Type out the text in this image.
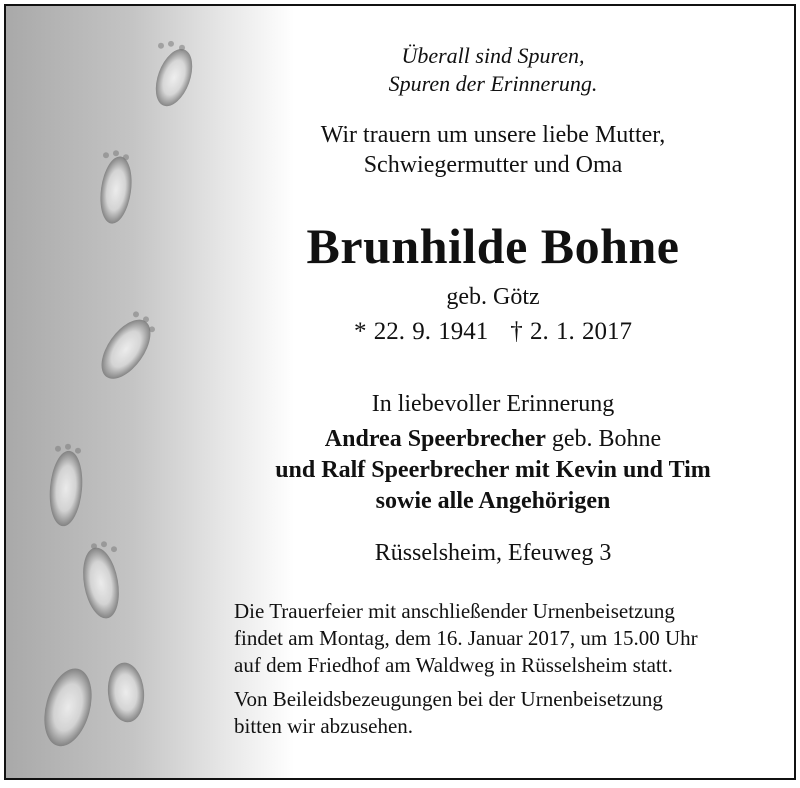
Überall sind Spuren,
Spuren der Erinnerung.
Wir trauern um unsere liebe Mutter,
Schwiegermutter und Oma
Brunhilde Bohne
geb. Götz
* 22. 9. 1941 † 2. 1. 2017
In liebevoller Erinnerung
Andrea Speerbrecher geb. Bohne
und Ralf Speerbrecher mit Kevin und Tim
sowie alle Angehörigen
Rüsselsheim, Efeuweg 3

Die Trauerfeier mit anschließender Urnenbeisetzung

findet am Montag, dem 16. Januar 2017, um 15.00 Uhr

auf dem Friedhof am Waldweg in Rüsselsheim statt.

Von Beileidsbezeugungen bei der Urnenbeisetzung

bitten wir abzusehen.
